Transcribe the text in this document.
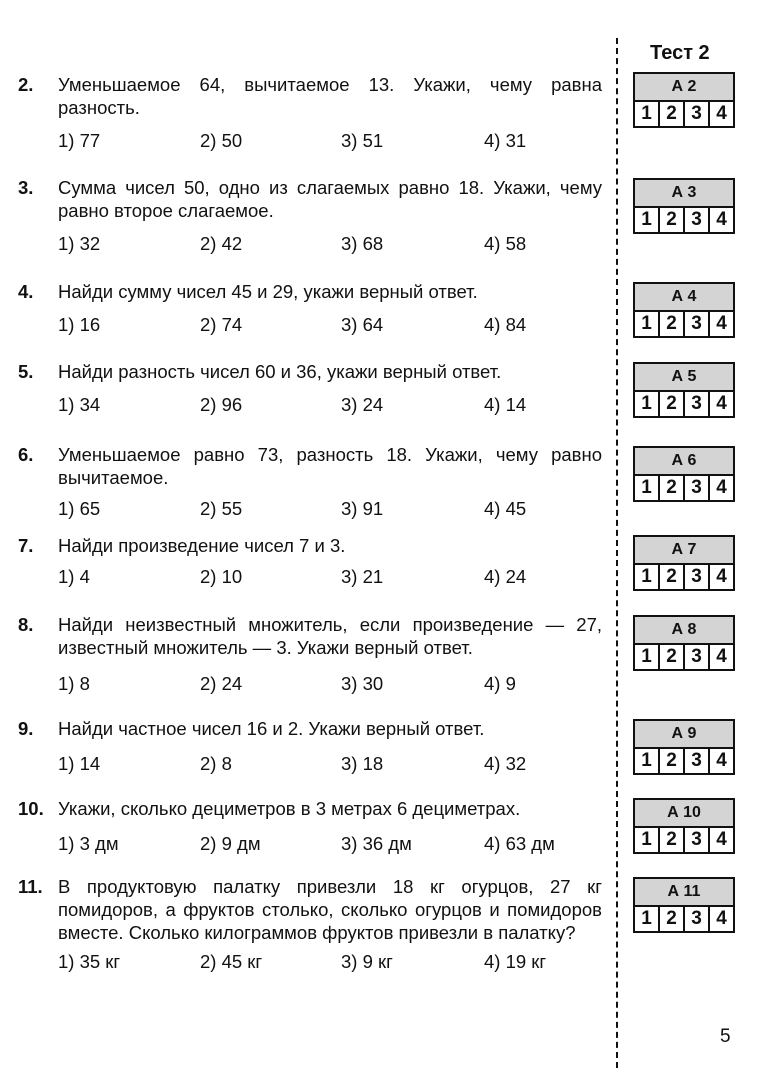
Тест 2
2. Уменьшаемое 64, вычитаемое 13. Укажи, чему равна разность.
1) 77	2) 50	3) 51	4) 31
3. Сумма чисел 50, одно из слагаемых равно 18. Укажи, чему равно второе слагаемое.
1) 32	2) 42	3) 68	4) 58
4. Найди сумму чисел 45 и 29, укажи верный ответ.
1) 16	2) 74	3) 64	4) 84
5. Найди разность чисел 60 и 36, укажи верный ответ.
1) 34	2) 96	3) 24	4) 14
6. Уменьшаемое равно 73, разность 18. Укажи, чему равно вычитаемое.
1) 65	2) 55	3) 91	4) 45
7. Найди произведение чисел 7 и 3.
1) 4	2) 10	3) 21	4) 24
8. Найди неизвестный множитель, если произведение — 27, известный множитель — 3. Укажи верный ответ.
1) 8	2) 24	3) 30	4) 9
9. Найди частное чисел 16 и 2. Укажи верный ответ.
1) 14	2) 8	3) 18	4) 32
10. Укажи, сколько дециметров в 3 метрах 6 дециметрах.
1) 3 дм	2) 9 дм	3) 36 дм	4) 63 дм
11. В продуктовую палатку привезли 18 кг огурцов, 27 кг помидоров, а фруктов столько, сколько огурцов и помидоров вместе. Сколько килограммов фруктов привезли в палатку?
1) 35 кг	2) 45 кг	3) 9 кг	4) 19 кг
А 2
1 2 3 4
А 3
1 2 3 4
А 4
1 2 3 4
А 5
1 2 3 4
А 6
1 2 3 4
А 7
1 2 3 4
А 8
1 2 3 4
А 9
1 2 3 4
А 10
1 2 3 4
А 11
1 2 3 4
5
